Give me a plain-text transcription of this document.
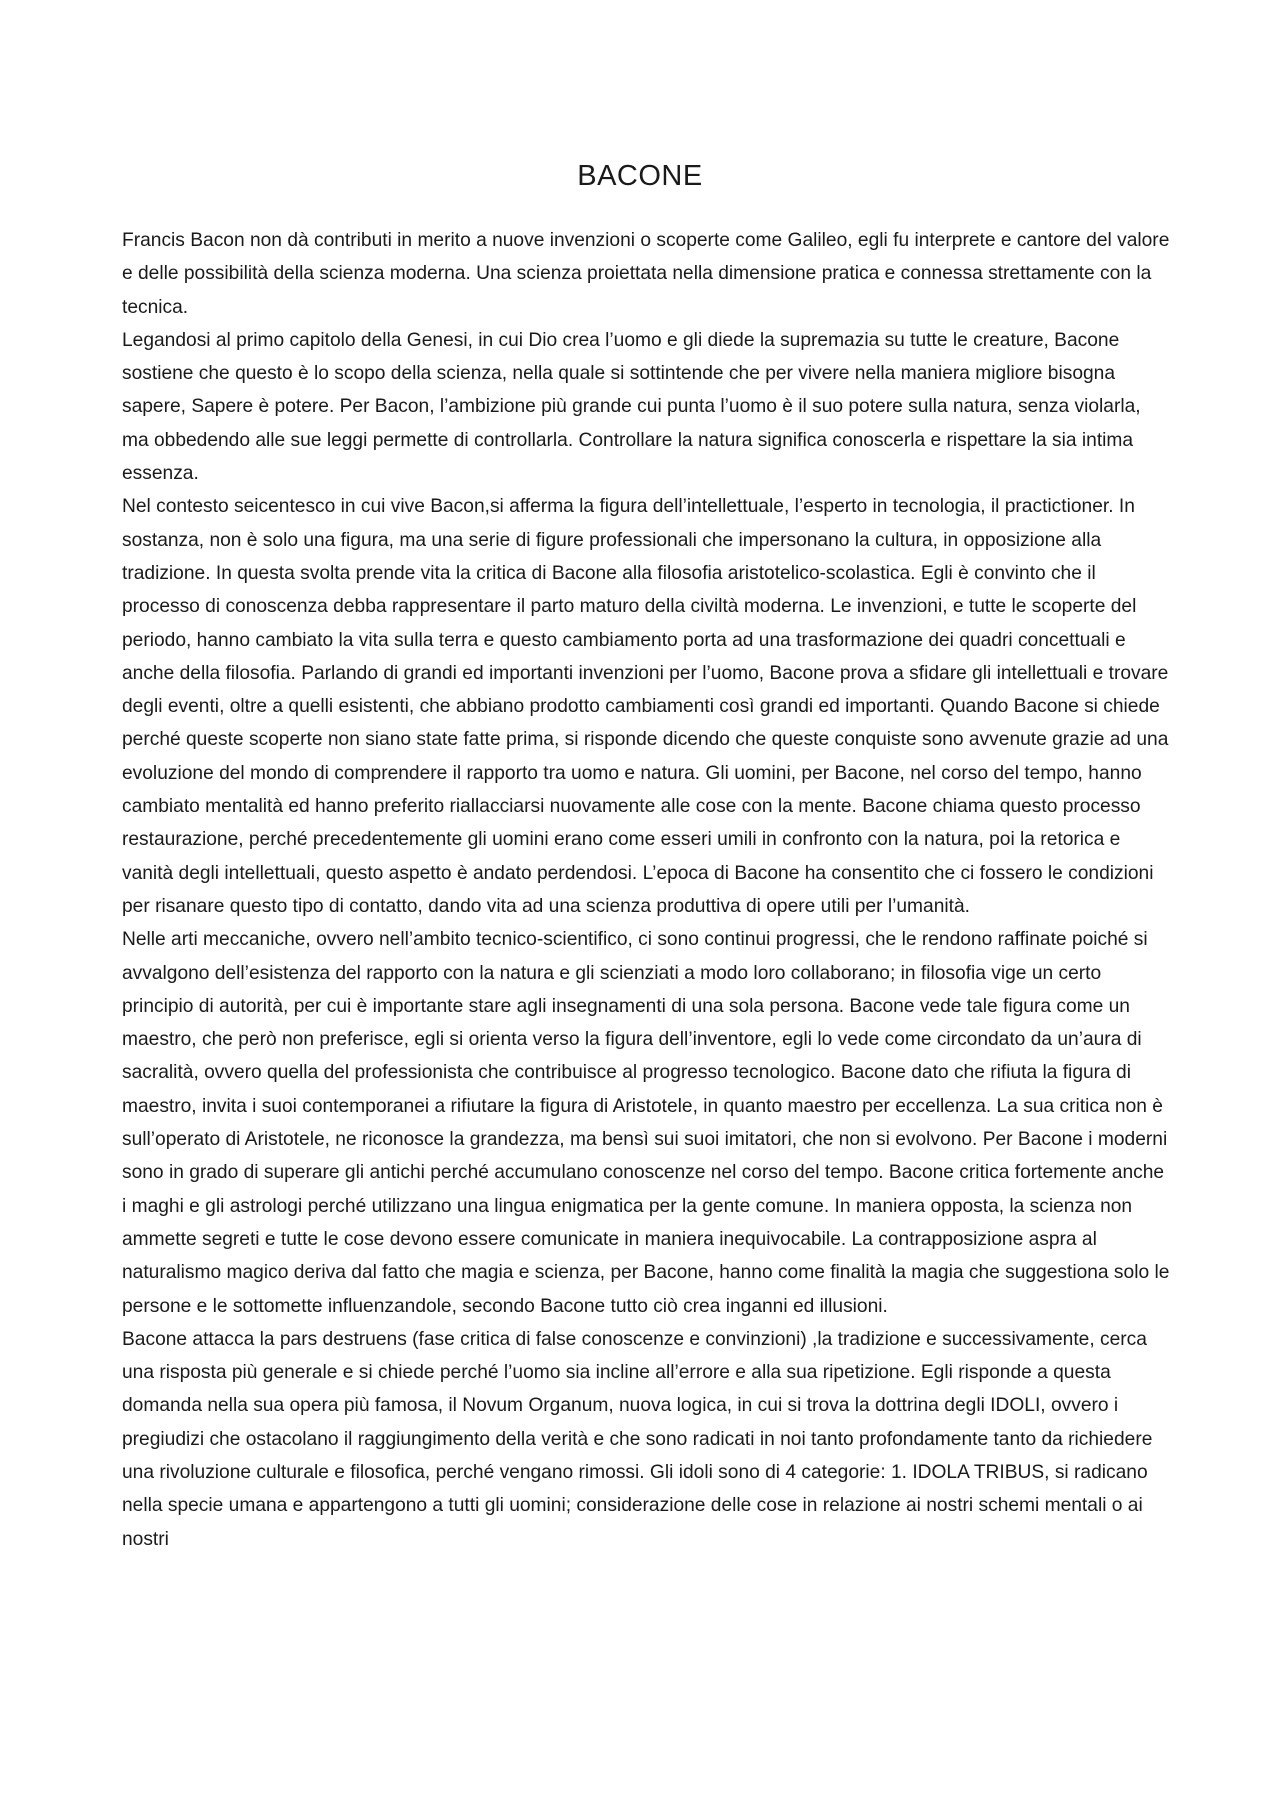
BACONE

Francis Bacon non dà contributi in merito a nuove invenzioni o scoperte come Galileo, egli fu interprete e cantore del valore e delle possibilità della scienza moderna. Una scienza proiettata nella dimensione pratica e connessa strettamente con la tecnica.

Legandosi al primo capitolo della Genesi, in cui Dio crea l’uomo e gli diede la supremazia su tutte le creature, Bacone sostiene che questo è lo scopo della scienza, nella quale si sottintende che per vivere nella maniera migliore bisogna sapere, Sapere è potere. Per Bacon, l’ambizione più grande cui punta l’uomo è il suo potere sulla natura, senza violarla, ma obbedendo alle sue leggi permette di controllarla. Controllare la natura significa conoscerla e rispettare la sia intima essenza.

Nel contesto seicentesco in cui vive Bacon,si afferma la figura dell’intellettuale, l’esperto in tecnologia, il practictioner. In sostanza, non è solo una figura, ma una serie di figure professionali che impersonano la cultura, in opposizione alla tradizione. In questa svolta prende vita la critica di Bacone alla filosofia aristotelico-scolastica. Egli è convinto che il processo di conoscenza debba rappresentare il parto maturo della civiltà moderna. Le invenzioni, e tutte le scoperte del periodo, hanno cambiato la vita sulla terra e questo cambiamento porta ad una trasformazione dei quadri concettuali e anche della filosofia. Parlando di grandi ed importanti invenzioni per l’uomo, Bacone prova a sfidare gli intellettuali e trovare degli eventi, oltre a quelli esistenti, che abbiano prodotto cambiamenti così grandi ed importanti. Quando Bacone si chiede perché queste scoperte non siano state fatte prima, si risponde dicendo che queste conquiste sono avvenute grazie ad una evoluzione del mondo di comprendere il rapporto tra uomo e natura. Gli uomini, per Bacone, nel corso del tempo, hanno cambiato mentalità ed hanno preferito riallacciarsi nuovamente alle cose con la mente. Bacone chiama questo processo restaurazione, perché precedentemente gli uomini erano come esseri umili in confronto con la natura, poi la retorica e vanità degli intellettuali, questo aspetto è andato perdendosi. L’epoca di Bacone ha consentito che ci fossero le condizioni per risanare questo tipo di contatto, dando vita ad una scienza produttiva di opere utili per l’umanità.

Nelle arti meccaniche, ovvero nell’ambito tecnico-scientifico, ci sono continui progressi, che le rendono raffinate poiché si avvalgono dell’esistenza del rapporto con la natura e gli scienziati a modo loro collaborano; in filosofia vige un certo principio di autorità, per cui è importante stare agli insegnamenti di una sola persona. Bacone vede tale figura come un maestro, che però non preferisce, egli si orienta verso la figura dell’inventore, egli lo vede come circondato da un’aura di sacralità, ovvero quella del professionista che contribuisce al progresso tecnologico. Bacone dato che rifiuta la figura di maestro, invita i suoi contemporanei a rifiutare la figura di Aristotele, in quanto maestro per eccellenza. La sua critica non è sull’operato di Aristotele, ne riconosce la grandezza, ma bensì sui suoi imitatori, che non si evolvono. Per Bacone i moderni sono in grado di superare gli antichi perché accumulano conoscenze nel corso del tempo. Bacone critica fortemente anche i maghi e gli astrologi perché utilizzano una lingua enigmatica per la gente comune. In maniera opposta, la scienza non ammette segreti e tutte le cose devono essere comunicate in maniera inequivocabile. La contrapposizione aspra al naturalismo magico deriva dal fatto che magia e scienza, per Bacone, hanno come finalità la magia che suggestiona solo le persone e le sottomette influenzandole, secondo Bacone tutto ciò crea inganni ed illusioni.

Bacone attacca la pars destruens (fase critica di false conoscenze e convinzioni) ,la tradizione e successivamente, cerca una risposta più generale e si chiede perché l’uomo sia incline all’errore e alla sua ripetizione. Egli risponde a questa domanda nella sua opera più famosa, il Novum Organum, nuova logica, in cui si trova la dottrina degli IDOLI, ovvero i pregiudizi che ostacolano il raggiungimento della verità e che sono radicati in noi tanto profondamente tanto da richiedere una rivoluzione culturale e filosofica, perché vengano rimossi. Gli idoli sono di 4 categorie: 1. IDOLA TRIBUS, si radicano nella specie umana e appartengono a tutti gli uomini; considerazione delle cose in relazione ai nostri schemi mentali o ai nostri
